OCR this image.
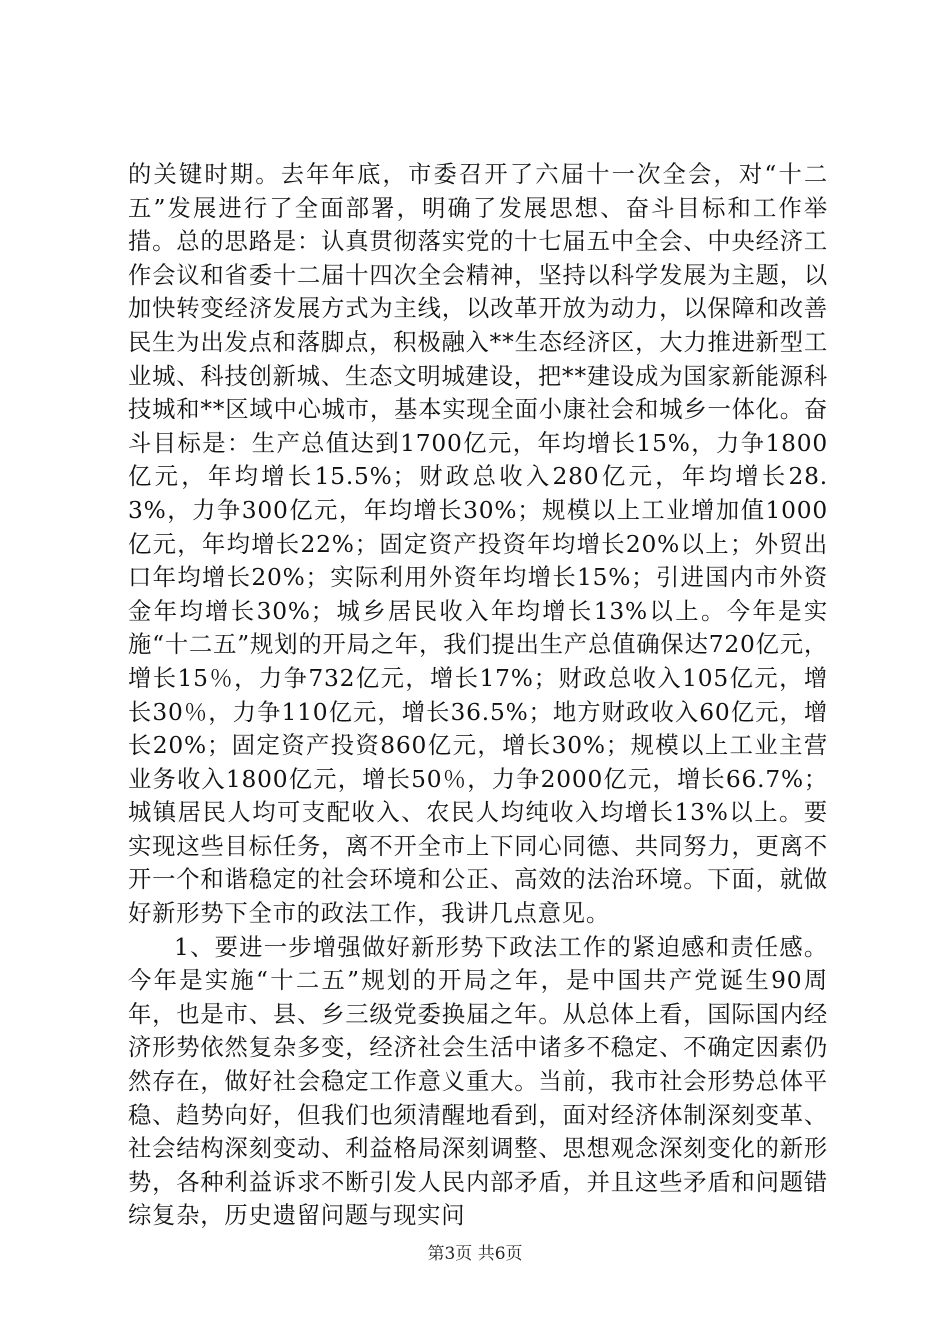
的关键时期。去年年底，市委召开了六届十一次全会，对“十二五”发展进行了全面部署，明确了发展思想、奋斗目标和工作举措。总的思路是：认真贯彻落实党的十七届五中全会、中央经济工作会议和省委十二届十四次全会精神，坚持以科学发展为主题，以加快转变经济发展方式为主线，以改革开放为动力，以保障和改善民生为出发点和落脚点，积极融入**生态经济区，大力推进新型工业城、科技创新城、生态文明城建设，把**建设成为国家新能源科技城和**区域中心城市，基本实现全面小康社会和城乡一体化。奋斗目标是：生产总值达到1700亿元，年均增长15%，力争1800亿元，年均增长15.5%；财政总收入280亿元，年均增长28.3%，力争300亿元，年均增长30%；规模以上工业增加值1000亿元，年均增长22%；固定资产投资年均增长20%以上；外贸出口年均增长20%；实际利用外资年均增长15%；引进国内市外资金年均增长30%；城乡居民收入年均增长13%以上。今年是实施“十二五”规划的开局之年，我们提出生产总值确保达720亿元，增长15％，力争732亿元，增长17%；财政总收入105亿元，增长30％，力争110亿元，增长36.5%；地方财政收入60亿元，增长20%；固定资产投资860亿元，增长30%；规模以上工业主营业务收入1800亿元，增长50％，力争2000亿元，增长66.7%；城镇居民人均可支配收入、农民人均纯收入均增长13%以上。要实现这些目标任务，离不开全市上下同心同德、共同努力，更离不开一个和谐稳定的社会环境和公正、高效的法治环境。下面，就做好新形势下全市的政法工作，我讲几点意见。

1、要进一步增强做好新形势下政法工作的紧迫感和责任感。今年是实施“十二五”规划的开局之年，是中国共产党诞生90周年，也是市、县、乡三级党委换届之年。从总体上看，国际国内经济形势依然复杂多变，经济社会生活中诸多不稳定、不确定因素仍然存在，做好社会稳定工作意义重大。当前，我市社会形势总体平稳、趋势向好，但我们也须清醒地看到，面对经济体制深刻变革、社会结构深刻变动、利益格局深刻调整、思想观念深刻变化的新形势，各种利益诉求不断引发人民内部矛盾，并且这些矛盾和问题错综复杂，历史遗留问题与现实问

第3页 共6页
